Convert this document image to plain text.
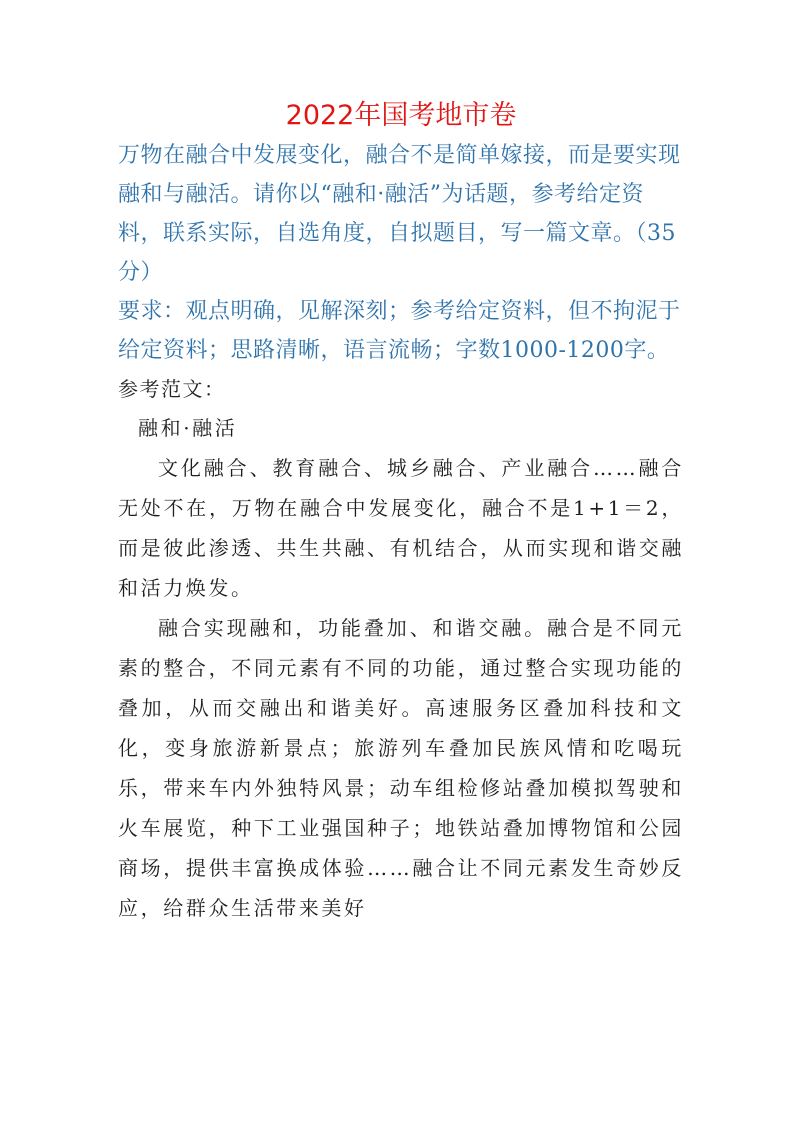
2022年国考地市卷

万物在融合中发展变化，融合不是简单嫁接，而是要实现融和与融活。请你以“融和·融活”为话题，参考给定资料，联系实际，自选角度，自拟题目，写一篇文章。（35分）

要求：观点明确，见解深刻；参考给定资料，但不拘泥于给定资料；思路清晰，语言流畅；字数1000-1200字。

参考范文：

融和·融活

文化融合、教育融合、城乡融合、产业融合……融合无处不在，万物在融合中发展变化，融合不是1+1＝2，而是彼此渗透、共生共融、有机结合，从而实现和谐交融和活力焕发。

融合实现融和，功能叠加、和谐交融。融合是不同元素的整合，不同元素有不同的功能，通过整合实现功能的叠加，从而交融出和谐美好。高速服务区叠加科技和文化，变身旅游新景点；旅游列车叠加民族风情和吃喝玩乐，带来车内外独特风景；动车组检修站叠加模拟驾驶和火车展览，种下工业强国种子；地铁站叠加博物馆和公园商场，提供丰富换成体验……融合让不同元素发生奇妙反应，给群众生活带来美好
